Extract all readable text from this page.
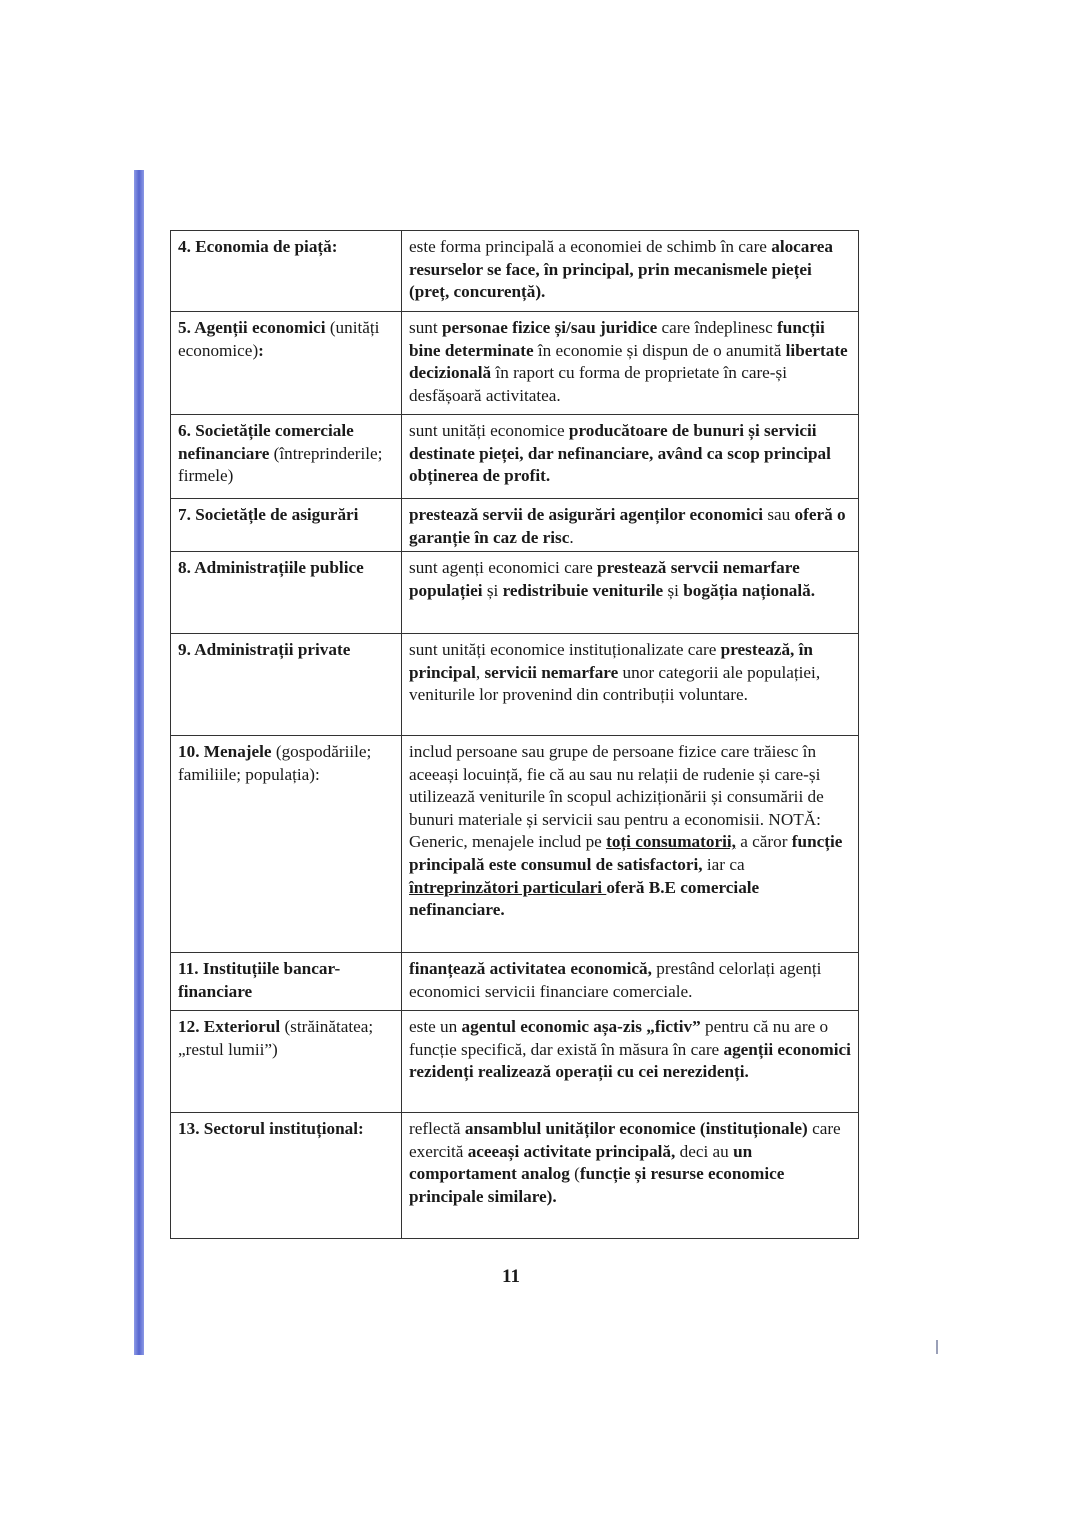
4. Economia de piață:	este forma principală a economiei de schimb în care alocarea resurselor se face, în principal, prin mecanismele pieței (preț, concurență).
5. Agenții economici (unități economice):	sunt personae fizice și/sau juridice care îndeplinesc funcții bine determinate în economie și dispun de o anumită libertate decizională în raport cu forma de proprietate în care-și desfășoară activitatea.
6. Societățile comerciale nefinanciare (întreprinderile; firmele)	sunt unități economice producătoare de bunuri și servicii destinate pieței, dar nefinanciare, având ca scop principal obținerea de profit.
7. Societățle de asigurări	prestează servii de asigurări agenților economici sau oferă o garanție în caz de risc.
8. Administrațiile publice	sunt agenți economici care prestează servcii nemarfare populației și redistribuie veniturile și bogăția națională.
9. Administrații private	sunt unități economice instituționalizate care prestează, în principal, servicii nemarfare unor categorii ale populației, veniturile lor provenind din contribuții voluntare.
10. Menajele (gospodăriile; familiile; populația):	includ persoane sau grupe de persoane fizice care trăiesc în aceeași locuință, fie că au sau nu relații de rudenie și care-și utilizează veniturile în scopul achiziționării și consumării de bunuri materiale și servicii sau pentru a economisii. NOTĂ: Generic, menajele includ pe toți consumatorii, a căror funcție principală este consumul de satisfactori, iar ca întreprinzători particulari oferă B.E comerciale nefinanciare.
11. Instituțiile bancar-financiare	finanțează activitatea economică, prestând celorlați agenți economici servicii financiare comerciale.
12. Exteriorul (străinătatea; „restul lumii”)	este un agentul economic așa-zis „fictiv” pentru că nu are o funcție specifică, dar există în măsura în care agenții economici rezidenți realizează operații cu cei nerezidenți.
13. Sectorul instituțional:	reflectă ansamblul unităților economice (instituționale) care exercită aceeași activitate principală, deci au un comportament analog (funcție și resurse economice principale similare).
11
